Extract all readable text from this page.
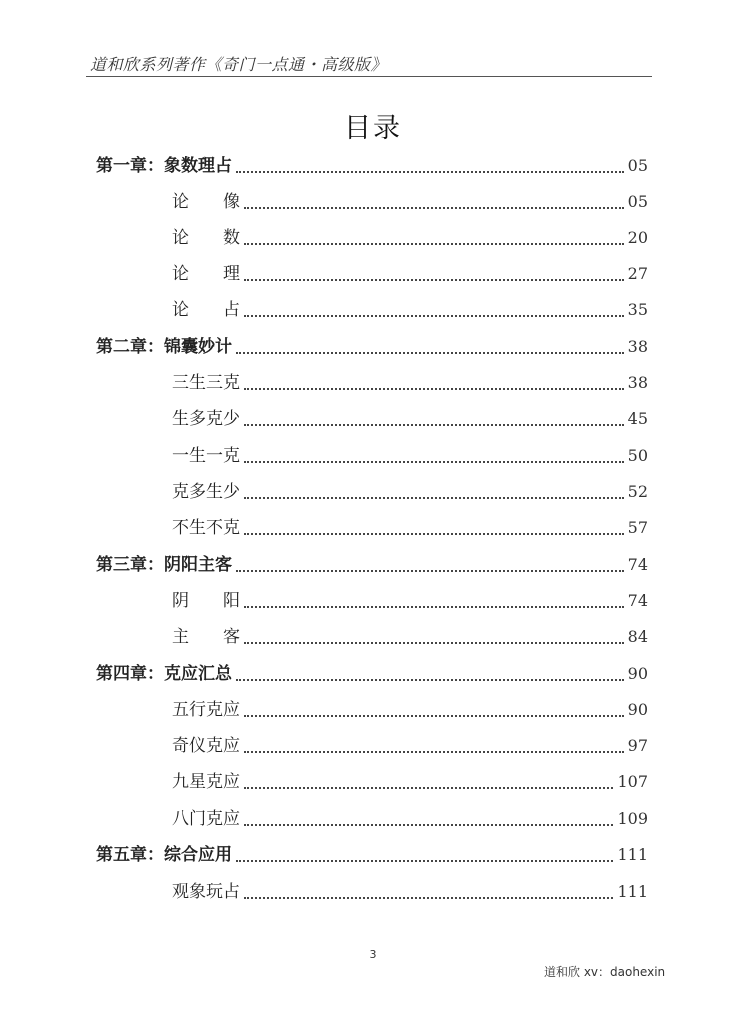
道和欣系列著作《奇门一点通・高级版》
目录
第一章：象数理占	05
论　　像	05
论　　数	20
论　　理	27
论　　占	35
第二章：锦囊妙计	38
三生三克	38
生多克少	45
一生一克	50
克多生少	52
不生不克	57
第三章：阴阳主客	74
阴　　阳	74
主　　客	84
第四章：克应汇总	90
五行克应	90
奇仪克应	97
九星克应	107
八门克应	109
第五章：综合应用	111
观象玩占	111
3
道和欣 xv：daohexin
